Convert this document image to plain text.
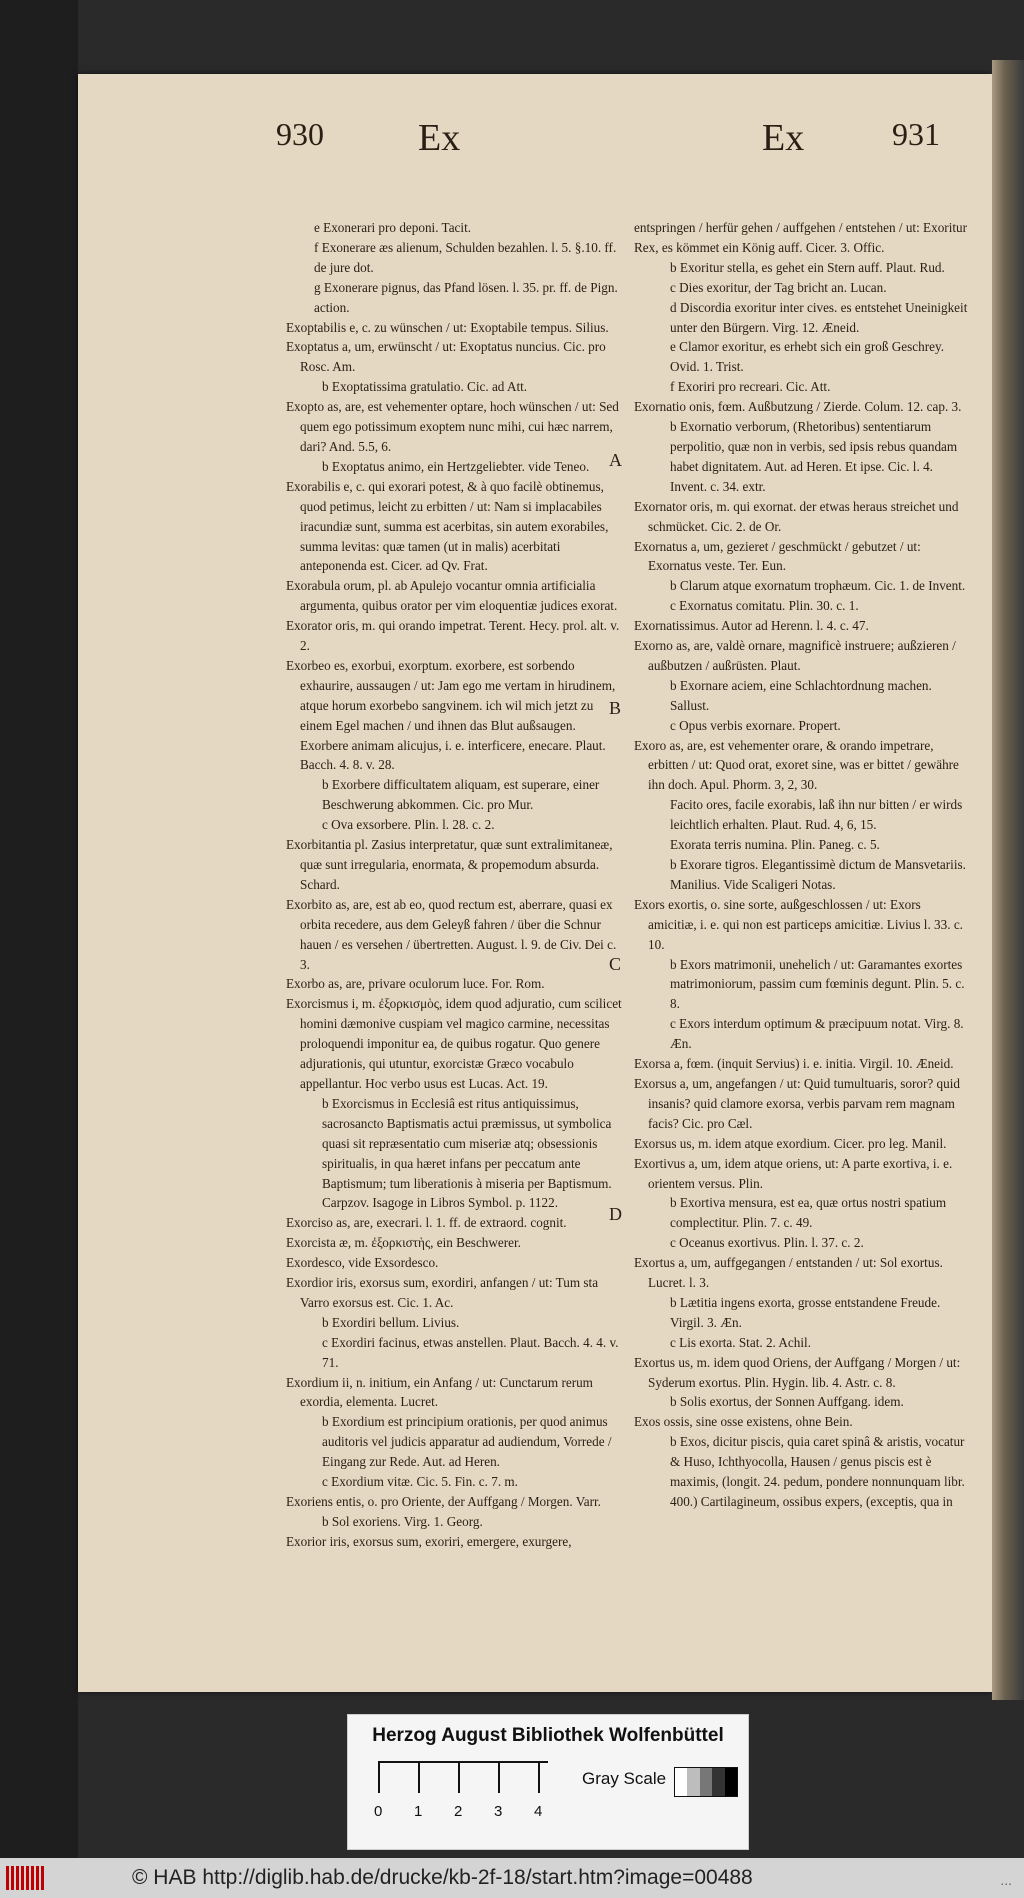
930 Ex	Ex	931

e Exonerari pro deponi. Tacit.

f Exonerare æs alienum, Schulden bezahlen. l. 5. §.10. ff. de jure dot.

g Exonerare pignus, das Pfand lösen. l. 35. pr. ff. de Pign. action.

Exoptabilis e, c. zu wünschen / ut: Exoptabile tempus. Silius.

Exoptatus a, um, erwünscht / ut: Exoptatus nuncius. Cic. pro Rosc. Am.

b Exoptatissima gratulatio. Cic. ad Att.

Exopto as, are, est vehementer optare, hoch wünschen / ut: Sed quem ego potissimum exoptem nunc mihi, cui hæc narrem, dari? And. 5.5, 6.

b Exoptatus animo, ein Hertzgeliebter. vide Teneo.

Exorabilis e, c. qui exorari potest, & à quo facilè obtinemus, quod petimus, leicht zu erbitten / ut: Nam si implacabiles iracundiæ sunt, summa est acerbitas, sin autem exorabiles, summa levitas: quæ tamen (ut in malis) acerbitati anteponenda est. Cicer. ad Qv. Frat.

Exorabula orum, pl. ab Apulejo vocantur omnia artificialia argumenta, quibus orator per vim eloquentiæ judices exorat.

Exorator oris, m. qui orando impetrat. Terent. Hecy. prol. alt. v. 2.

Exorbeo es, exorbui, exorptum. exorbere, est sorbendo exhaurire, aussaugen / ut: Jam ego me vertam in hirudinem, atque horum exorbebo sangvinem. ich wil mich jetzt zu einem Egel machen / und ihnen das Blut außsaugen. Exorbere animam alicujus, i. e. interficere, enecare. Plaut. Bacch. 4. 8. v. 28.

b Exorbere difficultatem aliquam, est superare, einer Beschwerung abkommen. Cic. pro Mur.

c Ova exsorbere. Plin. l. 28. c. 2.

Exorbitantia pl. Zasius interpretatur, quæ sunt extralimitaneæ, quæ sunt irregularia, enormata, & propemodum absurda. Schard.

Exorbito as, are, est ab eo, quod rectum est, aberrare, quasi ex orbita recedere, aus dem Geleyß fahren / über die Schnur hauen / es versehen / übertretten. August. l. 9. de Civ. Dei c. 3.

Exorbo as, are, privare oculorum luce. For. Rom.

Exorcismus i, m. ἐξορκισμὸς, idem quod adjuratio, cum scilicet homini dæmonive cuspiam vel magico carmine, necessitas proloquendi imponitur ea, de quibus rogatur. Quo genere adjurationis, qui utuntur, exorcistæ Græco vocabulo appellantur. Hoc verbo usus est Lucas. Act. 19.

b Exorcismus in Ecclesiâ est ritus antiquissimus, sacrosancto Baptismatis actui præmissus, ut symbolica quasi sit repræsentatio cum miseriæ atq; obsessionis spiritualis, in qua hæret infans per peccatum ante Baptismum; tum liberationis à miseria per Baptismum. Carpzov. Isagoge in Libros Symbol. p. 1122.

Exorciso as, are, execrari. l. 1. ff. de extraord. cognit.

Exorcista æ, m. ἐξορκιστὴς, ein Beschwerer.

Exordesco, vide Exsordesco.

Exordior iris, exorsus sum, exordiri, anfangen / ut: Tum sta Varro exorsus est. Cic. 1. Ac.

b Exordiri bellum. Livius.

c Exordiri facinus, etwas anstellen. Plaut. Bacch. 4. 4. v. 71.

Exordium ii, n. initium, ein Anfang / ut: Cunctarum rerum exordia, elementa. Lucret.

b Exordium est principium orationis, per quod animus auditoris vel judicis apparatur ad audiendum, Vorrede / Eingang zur Rede. Aut. ad Heren.

c Exordium vitæ. Cic. 5. Fin. c. 7. m.

Exoriens entis, o. pro Oriente, der Auffgang / Morgen. Varr.

b Sol exoriens. Virg. 1. Georg.

Exorior iris, exorsus sum, exoriri, emergere, exurgere,

A
B
C
D

entspringen / herfür gehen / auffgehen / entstehen / ut: Exoritur Rex, es kömmet ein König auff. Cicer. 3. Offic.

b Exoritur stella, es gehet ein Stern auff. Plaut. Rud.

c Dies exoritur, der Tag bricht an. Lucan.

d Discordia exoritur inter cives. es entstehet Uneinigkeit unter den Bürgern. Virg. 12. Æneid.

e Clamor exoritur, es erhebt sich ein groß Geschrey. Ovid. 1. Trist.

f Exoriri pro recreari. Cic. Att.

Exornatio onis, fœm. Außbutzung / Zierde. Colum. 12. cap. 3.

b Exornatio verborum, (Rhetoribus) sententiarum perpolitio, quæ non in verbis, sed ipsis rebus quandam habet dignitatem. Aut. ad Heren. Et ipse. Cic. l. 4. Invent. c. 34. extr.

Exornator oris, m. qui exornat. der etwas heraus streichet und schmücket. Cic. 2. de Or.

Exornatus a, um, gezieret / geschmückt / gebutzet / ut: Exornatus veste. Ter. Eun.

b Clarum atque exornatum trophæum. Cic. 1. de Invent.

c Exornatus comitatu. Plin. 30. c. 1.

Exornatissimus. Autor ad Herenn. l. 4. c. 47.

Exorno as, are, valdè ornare, magnificè instruere; außzieren / außbutzen / außrüsten. Plaut.

b Exornare aciem, eine Schlachtordnung machen. Sallust.

c Opus verbis exornare. Propert.

Exoro as, are, est vehementer orare, & orando impetrare, erbitten / ut: Quod orat, exoret sine, was er bittet / gewähre ihn doch. Apul. Phorm. 3, 2, 30.

Facito ores, facile exorabis, laß ihn nur bitten / er wirds leichtlich erhalten. Plaut. Rud. 4, 6, 15.

Exorata terris numina. Plin. Paneg. c. 5.

b Exorare tigros. Elegantissimè dictum de Mansvetariis. Manilius. Vide Scaligeri Notas.

Exors exortis, o. sine sorte, außgeschlossen / ut: Exors amicitiæ, i. e. qui non est particeps amicitiæ. Livius l. 33. c. 10.

b Exors matrimonii, unehelich / ut: Garamantes exortes matrimoniorum, passim cum fœminis degunt. Plin. 5. c. 8.

c Exors interdum optimum & præcipuum notat. Virg. 8. Æn.

Exorsa a, fœm. (inquit Servius) i. e. initia. Virgil. 10. Æneid.

Exorsus a, um, angefangen / ut: Quid tumultuaris, soror? quid insanis? quid clamore exorsa, verbis parvam rem magnam facis? Cic. pro Cæl.

Exorsus us, m. idem atque exordium. Cicer. pro leg. Manil.

Exortivus a, um, idem atque oriens, ut: A parte exortiva, i. e. orientem versus. Plin.

b Exortiva mensura, est ea, quæ ortus nostri spatium complectitur. Plin. 7. c. 49.

c Oceanus exortivus. Plin. l. 37. c. 2.

Exortus a, um, auffgegangen / entstanden / ut: Sol exortus. Lucret. l. 3.

b Lætitia ingens exorta, grosse entstandene Freude. Virgil. 3. Æn.

c Lis exorta. Stat. 2. Achil.

Exortus us, m. idem quod Oriens, der Auffgang / Morgen / ut: Syderum exortus. Plin. Hygin. lib. 4. Astr. c. 8.

b Solis exortus, der Sonnen Auffgang. idem.

Exos ossis, sine osse existens, ohne Bein.

b Exos, dicitur piscis, quia caret spinâ & aristis, vocatur & Huso, Ichthyocolla, Hausen / genus piscis est è maximis, (longit. 24. pedum, pondere nonnunquam libr. 400.) Cartilagineum, ossibus expers, (exceptis, qua in

Herzog August Bibliothek Wolfenbüttel
0 1 2 3 4
Gray Scale
© HAB http://diglib.hab.de/drucke/kb-2f-18/start.htm?image=00488	...
